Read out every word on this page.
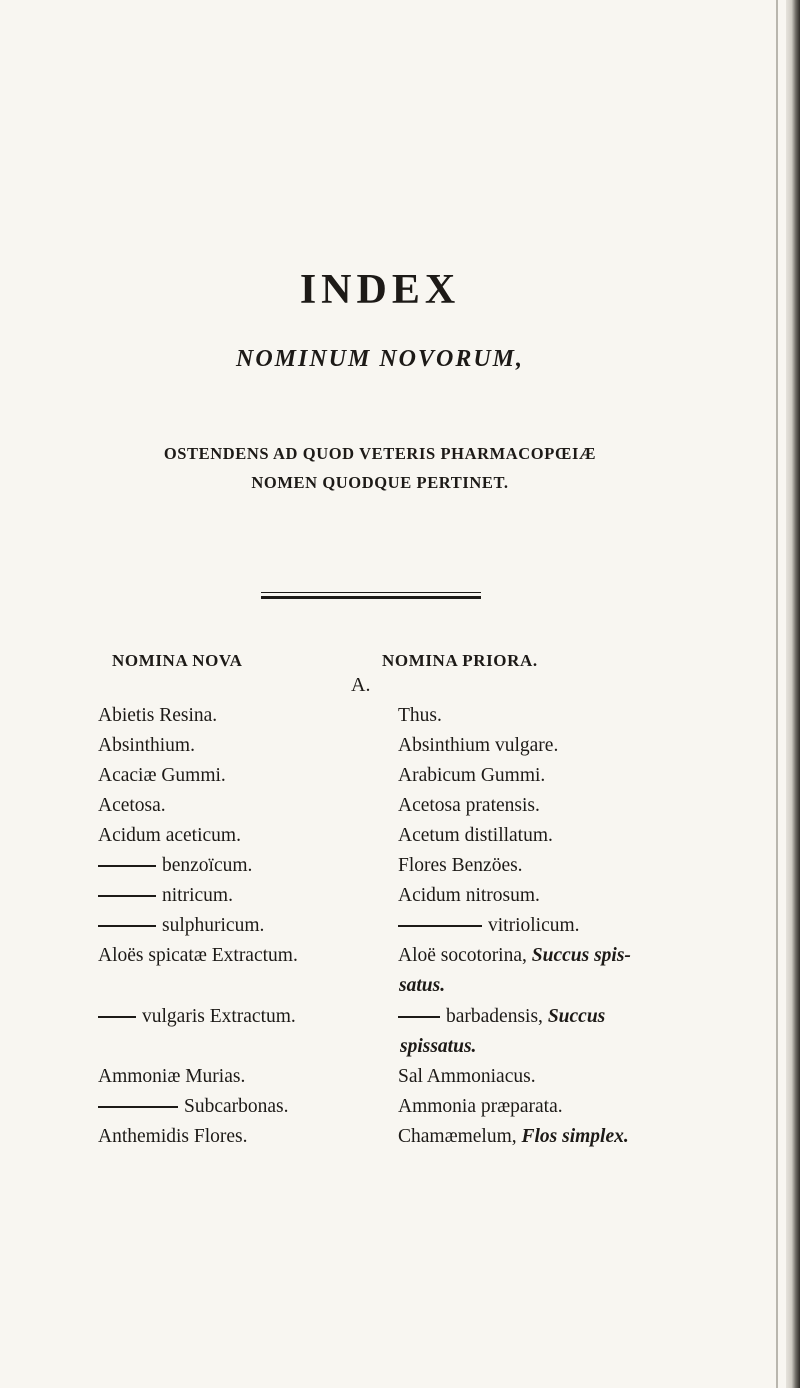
INDEX
NOMINUM NOVORUM,
OSTENDENS AD QUOD VETERIS PHARMACOPŒIÆ
NOMEN QUODQUE PERTINET.
NOMINA NOVA	NOMINA PRIORA.
A.
Abietis Resina.	Thus.
Absinthium.	Absinthium vulgare.
Acaciæ Gummi.	Arabicum Gummi.
Acetosa.	Acetosa pratensis.
Acidum aceticum.	Acetum distillatum.
benzoïcum.	Flores Benzöes.
nitricum.	Acidum nitrosum.
sulphuricum.	vitriolicum.
Aloës spicatæ Extractum.	Aloë socotorina, Succus spis-
satus.
vulgaris Extractum.	barbadensis, Succus
spissatus.
Ammoniæ Murias.	Sal Ammoniacus.
Subcarbonas.	Ammonia præparata.
Anthemidis Flores.	Chamæmelum, Flos simplex.
